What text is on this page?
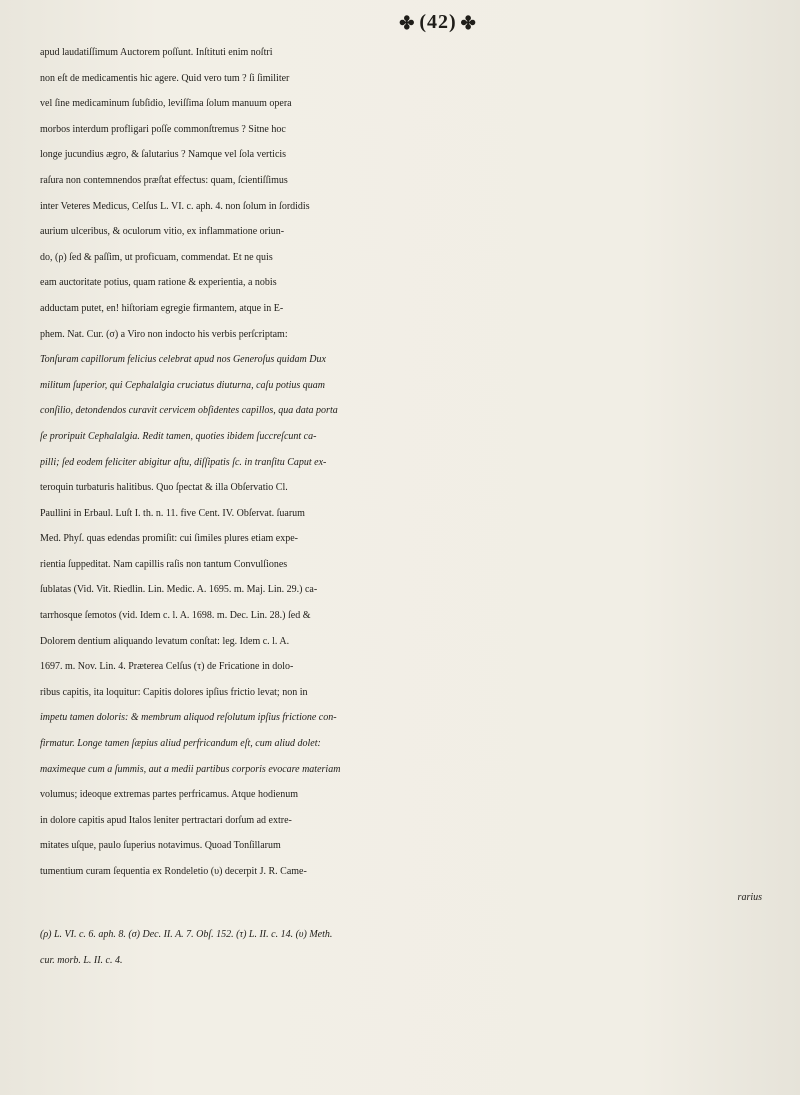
✤ (42) ✤
apud laudatiſſimum Auctorem poſſunt. Inſtituti enim noſtri
non eſt de medicamentis hic agere. Quid vero tum ? ſi ſimiliter
vel ſine medicaminum ſubſidio, leviſſima ſolum manuum opera
morbos interdum profligari poſſe commonſtremus ? Sitne hoc
longe jucundius ægro, & ſalutarius ? Namque vel ſola verticis
raſura non contemnendos præſtat effectus: quam, ſcientiſſimus
inter Veteres Medicus, Celſus L. VI. c. aph. 4. non ſolum in ſordidis
aurium ulceribus, & oculorum vitio, ex inflammatione oriun-
do, (ρ) ſed & paſſim, ut proficuam, commendat. Et ne quis
eam auctoritate potius, quam ratione & experientia, a nobis
adductam putet, en! hiſtoriam egregie firmantem, atque in E-
phem. Nat. Cur. (σ) a Viro non indocto his verbis perſcriptam:
Tonſuram capillorum felicius celebrat apud nos Generoſus quidam Dux
militum ſuperior, qui Cephalalgia cruciatus diuturna, caſu potius quam
conſilio, detondendos curavit cervicem obſidentes capillos, qua data porta
ſe proripuit Cephalalgia. Redit tamen, quoties ibidem ſuccreſcunt ca-
pilli; ſed eodem feliciter abigitur aſtu, diſſipatis ſc. in tranſitu Caput ex-
teroquin turbaturis halitibus. Quo ſpectat & illa Obſervatio Cl.
Paullini in Erbaul. Luſt I. th. n. 11. five Cent. IV. Obſervat. ſuarum
Med. Phyſ. quas edendas promiſit: cui ſimiles plures etiam expe-
rientia ſuppeditat. Nam capillis raſis non tantum Convulſiones
ſublatas (Vid. Vit. Riedlin. Lin. Medic. A. 1695. m. Maj. Lin. 29.) ca-
tarrhosque ſemotos (vid. Idem c. l. A. 1698. m. Dec. Lin. 28.) ſed &
Dolorem dentium aliquando levatum conſtat: leg. Idem c. l. A.
1697. m. Nov. Lin. 4. Præterea Celſus (τ) de Fricatione in dolo-
ribus capitis, ita loquitur: Capitis dolores ipſius frictio levat; non in
impetu tamen doloris: & membrum aliquod reſolutum ipſius frictione con-
firmatur. Longe tamen ſæpius aliud perfricandum eſt, cum aliud dolet:
maximeque cum a ſummis, aut a medii partibus corporis evocare materiam
volumus; ideoque extremas partes perfricamus. Atque hodienum
in dolore capitis apud Italos leniter pertractari dorſum ad extre-
mitates uſque, paulo ſuperius notavimus. Quoad Tonſillarum
tumentium curam ſequentia ex Rondeletio (υ) decerpit J. R. Came-
rarius
(ρ) L. VI. c. 6. aph. 8. (σ) Dec. II. A. 7. Obſ. 152. (τ) L. II. c. 14. (υ) Meth.
cur. morb. L. II. c. 4.
